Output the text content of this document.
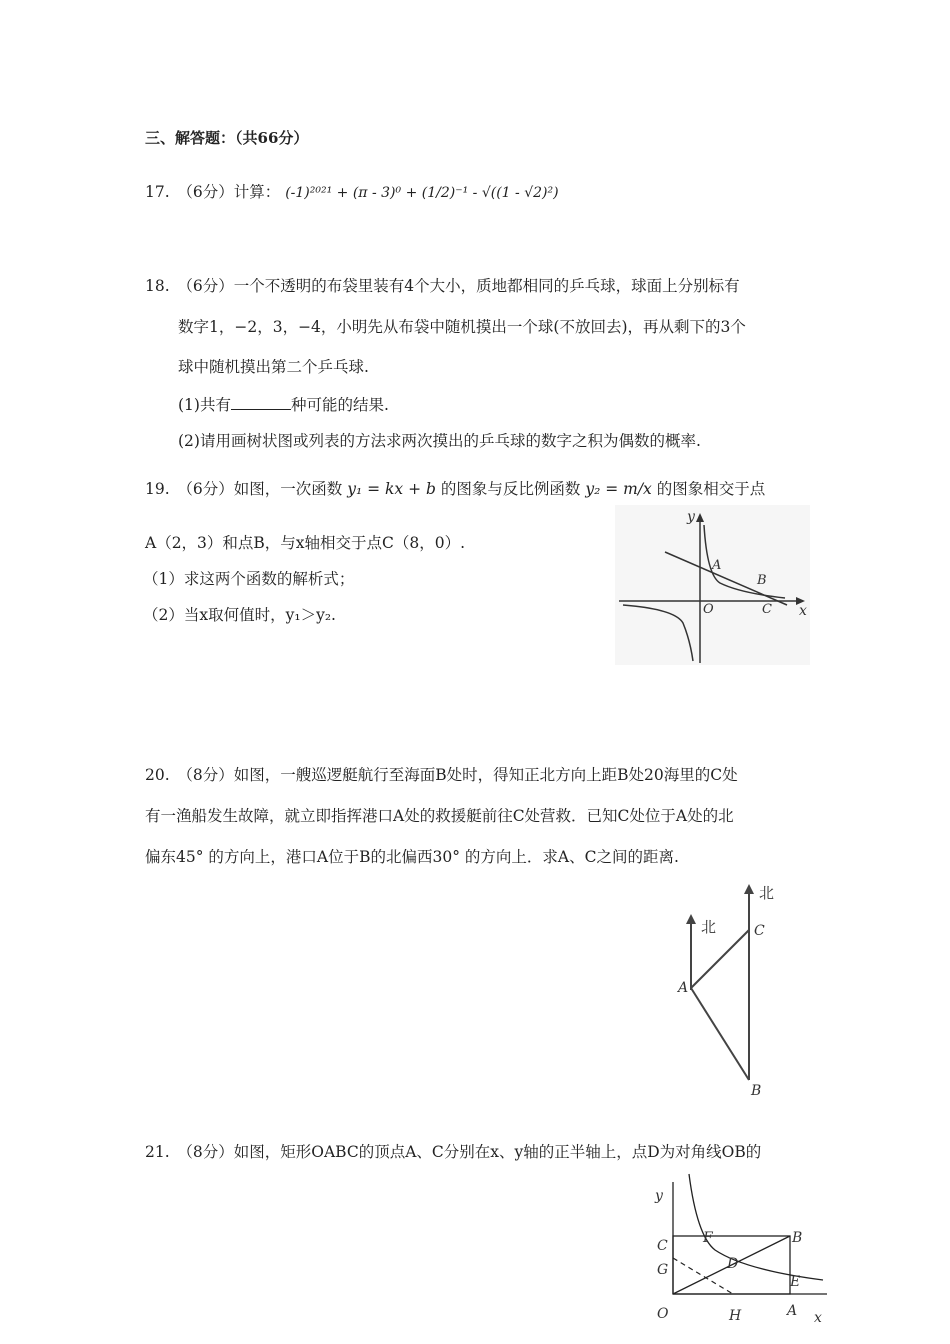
三、解答题：（共66分）
17.　（6分）计算： (-1)²⁰²¹ + (π - 3)⁰ + (1/2)⁻¹ - √((1 - √2)²)
18.　（6分）一个不透明的布袋里装有4个大小，质地都相同的乒乓球，球面上分别标有
数字1，−2，3，−4，小明先从布袋中随机摸出一个球(不放回去)，再从剩下的3个
球中随机摸出第二个乒乓球.
(1)共有	种可能的结果.
(2)请用画树状图或列表的方法求两次摸出的乒乓球的数字之积为偶数的概率.
19.　（6分）如图，一次函数 y₁ = kx + b 的图象与反比例函数 y₂ = m/x 的图象相交于点
A（2，3）和点B，与x轴相交于点C（8，0）.
（1）求这两个函数的解析式；
（2）当x取何值时，y₁＞y₂.
y
x
O
A
B
C
20.　（8分）如图，一艘巡逻艇航行至海面B处时，得知正北方向上距B处20海里的C处
有一渔船发生故障，就立即指挥港口A处的救援艇前往C处营救．已知C处位于A处的北
偏东45° 的方向上，港口A位于B的北偏西30° 的方向上．求A、C之间的距离.
北
北
A
C
B
21.　（8分）如图，矩形OABC的顶点A、C分别在x、y轴的正半轴上，点D为对角线OB的
y
x
O	A
B
C
D
E
F
G
H
